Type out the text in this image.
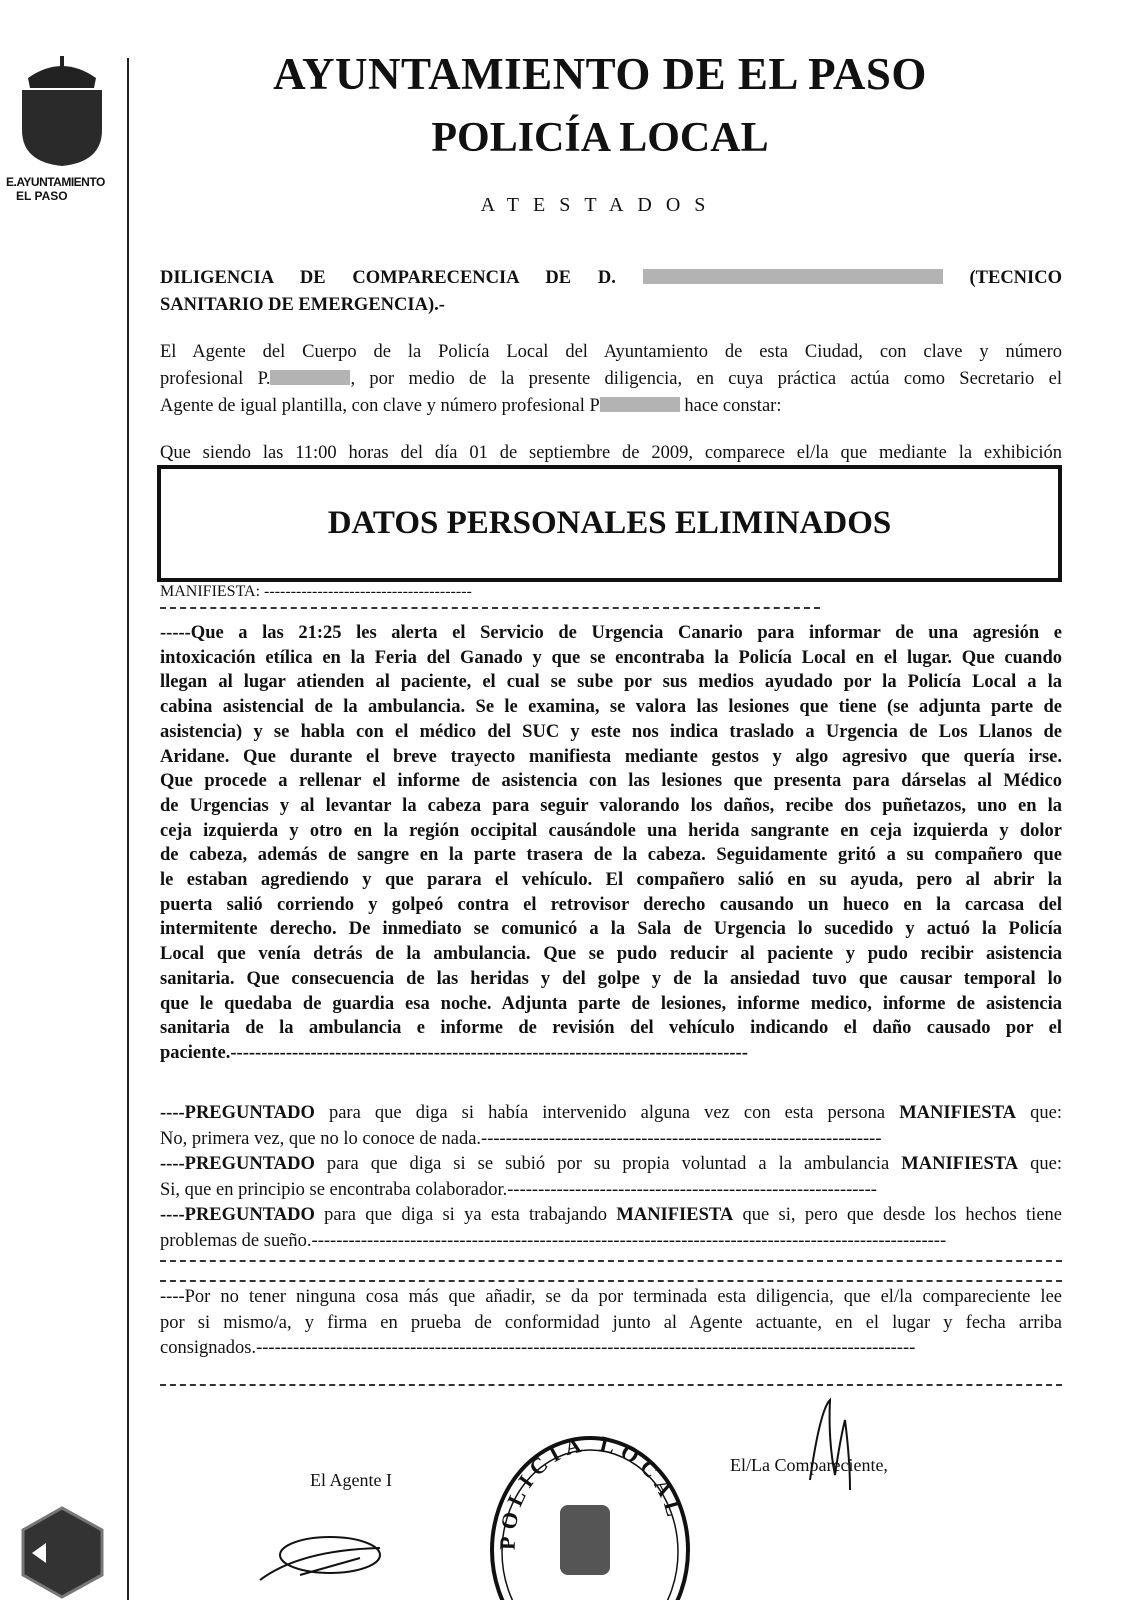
E.AYUNTAMIENTO
EL PASO
AYUNTAMIENTO DE EL PASO
POLICÍA LOCAL
ATESTADOS
DILIGENCIA DE COMPARECENCIA DE D.	(TECNICO
SANITARIO DE EMERGENCIA).-
El Agente del Cuerpo de la Policía Local del Ayuntamiento de esta Ciudad, con clave y número
profesional P.	, por medio de la presente diligencia, en cuya práctica actúa como Secretario el
Agente de igual plantilla, con clave y número profesional P	hace constar:
Que siendo las 11:00 horas del día 01 de septiembre de 2009, comparece el/la que mediante la exhibición
DATOS PERSONALES ELIMINADOS
MANIFIESTA: ---------------------------------------
-----Que a las 21:25 les alerta el Servicio de Urgencia Canario para informar de una agresión e
intoxicación etílica en la Feria del Ganado y que se encontraba la Policía Local en el lugar. Que cuando
llegan al lugar atienden al paciente, el cual se sube por sus medios ayudado por la Policía Local a la
cabina asistencial de la ambulancia. Se le examina, se valora las lesiones que tiene (se adjunta parte de
asistencia) y se habla con el médico del SUC y este nos indica traslado a Urgencia de Los Llanos de
Aridane. Que durante el breve trayecto manifiesta mediante gestos y algo agresivo que quería irse.
Que procede a rellenar el informe de asistencia con las lesiones que presenta para dárselas al Médico
de Urgencias y al levantar la cabeza para seguir valorando los daños, recibe dos puñetazos, uno en la
ceja izquierda y otro en la región occipital causándole una herida sangrante en ceja izquierda y dolor
de cabeza, además de sangre en la parte trasera de la cabeza. Seguidamente gritó a su compañero que
le estaban agrediendo y que parara el vehículo. El compañero salió en su ayuda, pero al abrir la
puerta salió corriendo y golpeó contra el retrovisor derecho causando un hueco en la carcasa del
intermitente derecho. De inmediato se comunicó a la Sala de Urgencia lo sucedido y actuó la Policía
Local que venía detrás de la ambulancia. Que se pudo reducir al paciente y pudo recibir asistencia
sanitaria. Que consecuencia de las heridas y del golpe y de la ansiedad tuvo que causar temporal lo
que le quedaba de guardia esa noche. Adjunta parte de lesiones, informe medico, informe de asistencia
sanitaria de la ambulancia e informe de revisión del vehículo indicando el daño causado por el
paciente.------------------------------------------------------------------------------------
----PREGUNTADO para que diga si había intervenido alguna vez con esta persona MANIFIESTA que:
No, primera vez, que no lo conoce de nada.-----------------------------------------------------------------
----PREGUNTADO para que diga si se subió por su propia voluntad a la ambulancia MANIFIESTA que:
Si, que en principio se encontraba colaborador.------------------------------------------------------------
----PREGUNTADO para que diga si ya esta trabajando MANIFIESTA que si, pero que desde los hechos tiene
problemas de sueño.-------------------------------------------------------------------------------------------------------
----Por no tener ninguna cosa más que añadir, se da por terminada esta diligencia, que el/la compareciente lee
por si mismo/a, y firma en prueba de conformidad junto al Agente actuante, en el lugar y fecha arriba
consignados.-----------------------------------------------------------------------------------------------------------
El Agente I
El/La Compareciente,
POLICIA LOCAL
